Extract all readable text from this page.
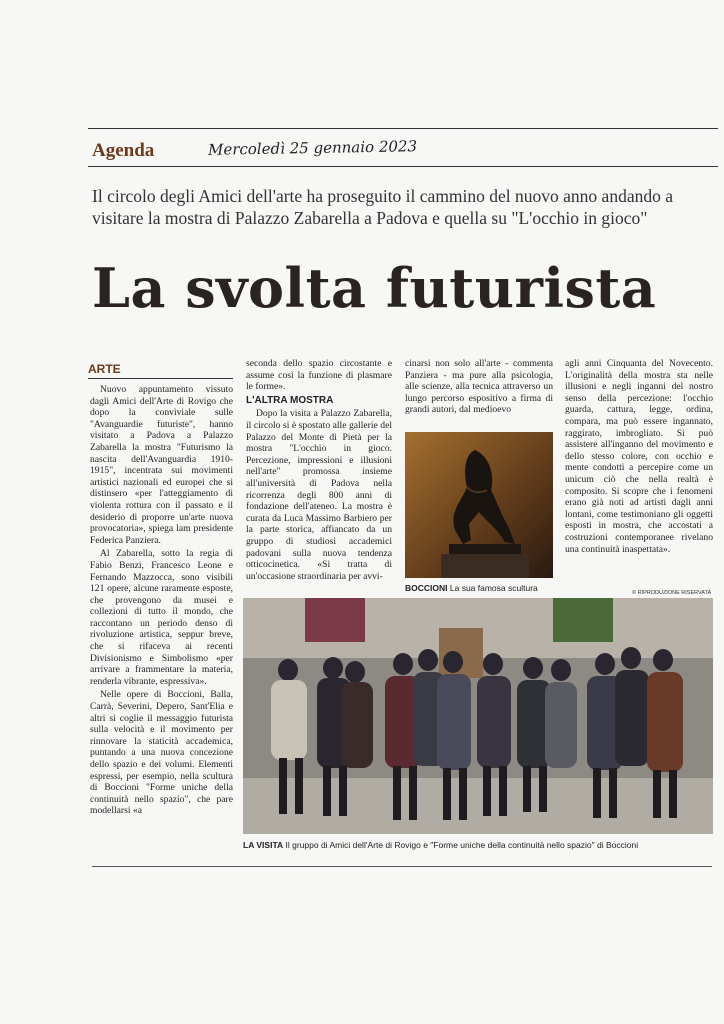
Agenda	Mercoledì 25 gennaio 2023
Il circolo degli Amici dell'arte ha proseguito il cammino del nuovo anno andando a visitare la mostra di Palazzo Zabarella a Padova e quella su "L'occhio in gioco"
La svolta futurista
ARTE

Nuovo appuntamento vissuto dagli Amici dell'Arte di Rovigo che dopo la conviviale sulle "Avanguardie futuriste", hanno visitato a Padova a Palazzo Zabarella la mostra "Futurismo la nascita dell'Avanguardia 1910-1915", incentrata sui movimenti artistici nazionali ed europei che si distinsero «per l'atteggiamento di violenta rottura con il passato e il desiderio di proporre un'arte nuova provocatoria», spiega lam presidente Federica Panziera.

Al Zabarella, sotto la regia di Fabio Benzi, Francesco Leone e Fernando Mazzocca, sono visibili 121 opere, alcune raramente esposte, che provengono da musei e collezioni di tutto il mondo, che raccontano un periodo denso di rivoluzione artistica, seppur breve, che si rifaceva ai recenti Divisionismo e Simbolismo «per arrivare a frammentare la materia, renderla vibrante, espressiva».

Nelle opere di Boccioni, Balla, Carrà, Severini, Depero, Sant'Elia e altri si coglie il messaggio futurista sulla velocità e il movimento per rinnovare la staticità accademica, puntando a una nuova concezione dello spazio e dei volumi. Elementi espressi, per esempio, nella scultura di Boccioni "Forme uniche della continuità nello spazio", che pare modellarsi «a

seconda dello spazio circostante e assume così la funzione di plasmare le forme».

L'ALTRA MOSTRA

Dopo la visita a Palazzo Zabarella, il circolo si è spostato alle gallerie del Palazzo del Monte di Pietà per la mostra "L'occhio in gioco. Percezione, impressioni e illusioni nell'arte" promossa insieme all'università di Padova nella ricorrenza degli 800 anni di fondazione dell'ateneo. La mostra è curata da Luca Massimo Barbiero per la parte storica, affiancato da un gruppo di studiosi accademici padovani sulla nuova tendenza otticocinetica. «Si tratta di un'occasione straordinaria per avvi-

cinarsi non solo all'arte - commenta Panziera - ma pure alla psicologia, alle scienze, alla tecnica attraverso un lungo percorso espositivo a firma di grandi autori, dal medioevo

agli anni Cinquanta del Novecento. L'originalità della mostra sta nelle illusioni e negli inganni del nostro senso della percezione: l'occhio guarda, cattura, legge, ordina, compara, ma può essere ingannato, raggirato, imbrogliato. Si può assistere all'inganno del movimento e dello stesso colore, con occhio e mente condotti a percepire come un unicum ciò che nella realtà è composito. Si scopre che i fenomeni erano già noti ad artisti dagli anni lontani, come testimoniano gli oggetti esposti in mostra, che accostati a costruzioni contemporanee rivelano una continuità inaspettata».

BOCCIONI La sua famosa scultura	© RIPRODUZIONE RISERVATA
LA VISITA Il gruppo di Amici dell'Arte di Rovigo e "Forme uniche della continuità nello spazio" di Boccioni
